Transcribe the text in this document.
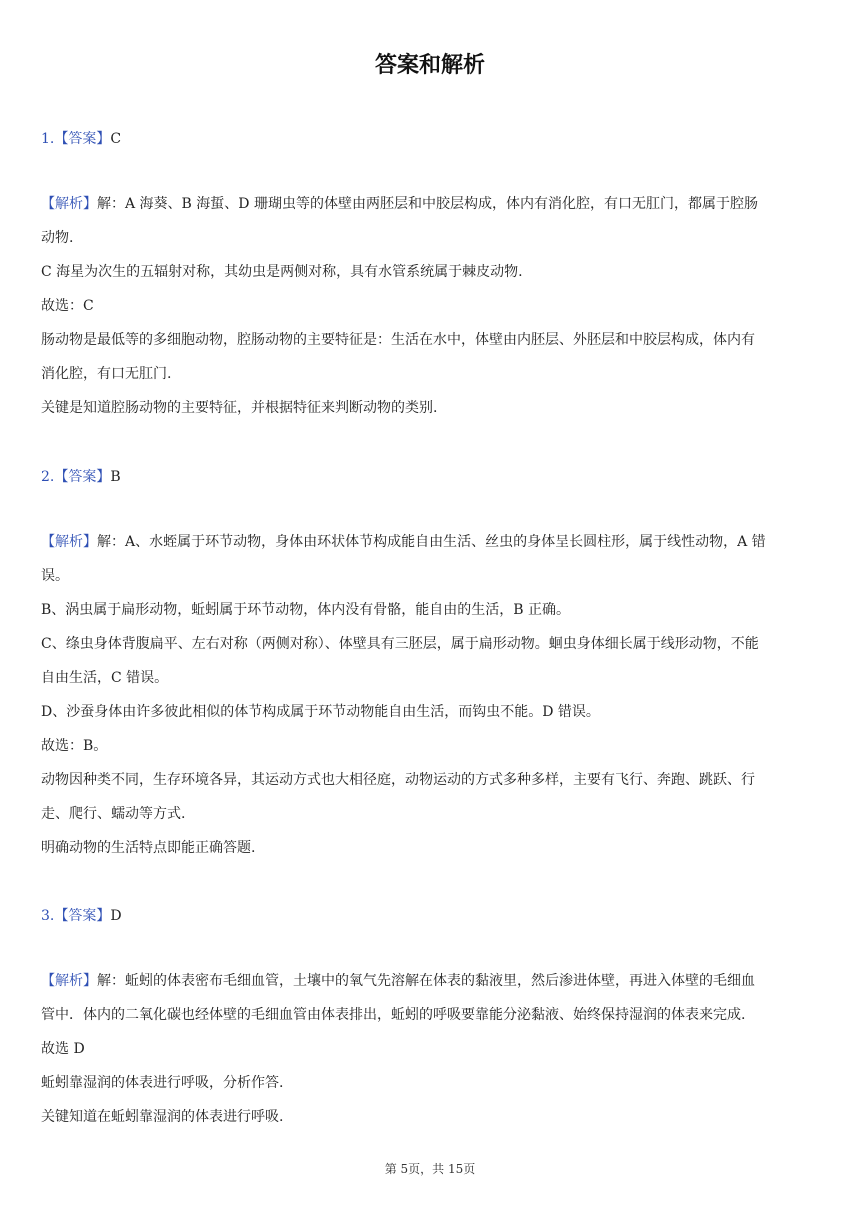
答案和解析
1.【答案】C

【解析】解：A 海葵、B 海蜇、D 珊瑚虫等的体壁由两胚层和中胶层构成，体内有消化腔，有口无肛门，都属于腔肠

动物.

C 海星为次生的五辐射对称，其幼虫是两侧对称，具有水管系统属于棘皮动物.

故选：C

肠动物是最低等的多细胞动物，腔肠动物的主要特征是：生活在水中，体壁由内胚层、外胚层和中胶层构成，体内有

消化腔，有口无肛门.

关键是知道腔肠动物的主要特征，并根据特征来判断动物的类别.

2.【答案】B

【解析】解：A、水蛭属于环节动物，身体由环状体节构成能自由生活、丝虫的身体呈长圆柱形，属于线性动物，A 错

误。

B、涡虫属于扁形动物，蚯蚓属于环节动物，体内没有骨骼，能自由的生活，B 正确。

C、绦虫身体背腹扁平、左右对称（两侧对称）、体壁具有三胚层，属于扁形动物。蛔虫身体细长属于线形动物，不能

自由生活，C 错误。

D、沙蚕身体由许多彼此相似的体节构成属于环节动物能自由生活，而钩虫不能。D 错误。

故选：B。

动物因种类不同，生存环境各异，其运动方式也大相径庭，动物运动的方式多种多样，主要有飞行、奔跑、跳跃、行

走、爬行、蠕动等方式.

明确动物的生活特点即能正确答题.

3.【答案】D

【解析】解：蚯蚓的体表密布毛细血管，土壤中的氧气先溶解在体表的黏液里，然后渗进体壁，再进入体壁的毛细血

管中．体内的二氧化碳也经体壁的毛细血管由体表排出，蚯蚓的呼吸要靠能分泌黏液、始终保持湿润的体表来完成.

故选 D

蚯蚓靠湿润的体表进行呼吸，分析作答.

关键知道在蚯蚓靠湿润的体表进行呼吸.

第 5页，共 15页
